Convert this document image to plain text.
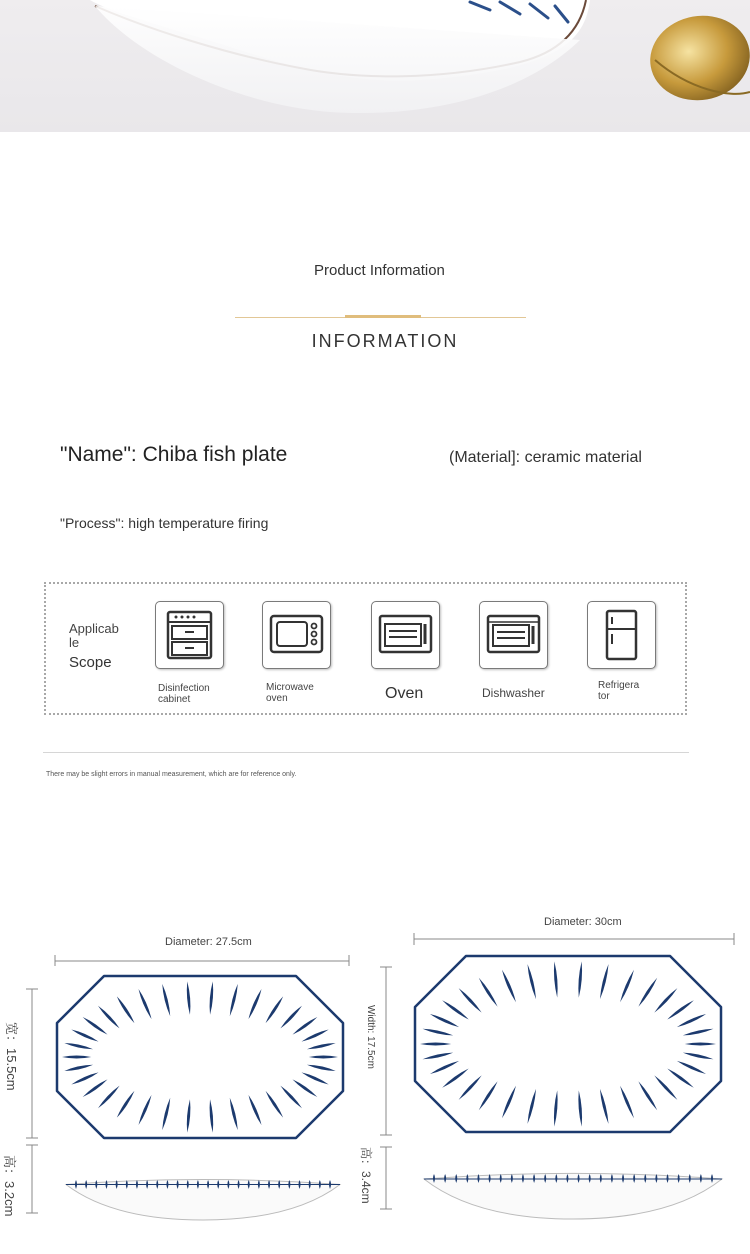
Product Information
INFORMATION
"Name": Chiba fish plate	(Material]: ceramic material
"Process": high temperature firing
Applicab le
Scope
Disinfection cabinet
Microwave oven	Oven	Dishwasher
Refrigera tor
There may be slight errors in manual measurement, which are for reference only.
Diameter: 27.5cm
宽：15.5cm
高：3.2cm
Diameter: 30cm
Width: 17.5cm
高：3.4cm
